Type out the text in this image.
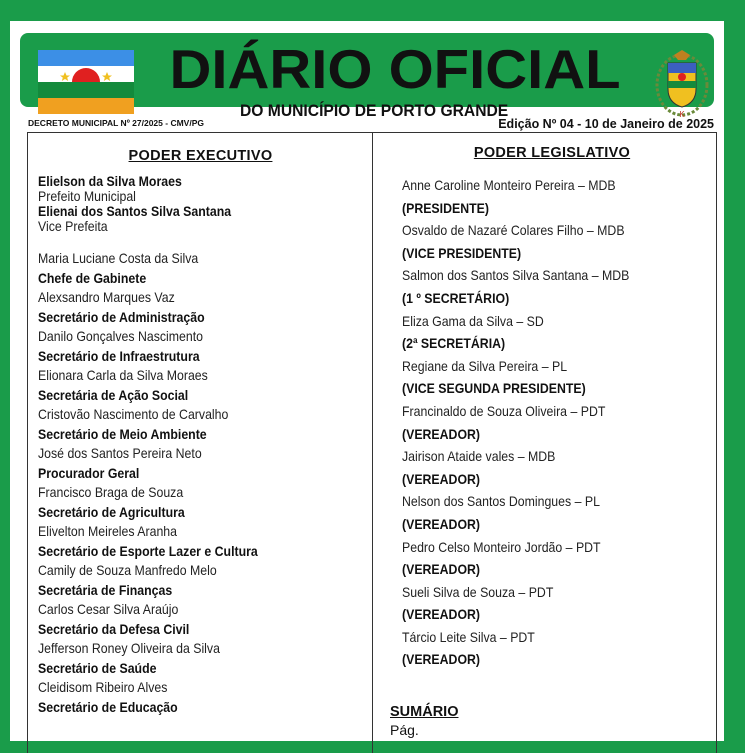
DIÁRIO OFICIAL
DO MUNICÍPIO DE PORTO GRANDE	K
DECRETO MUNICIPAL Nº 27/2025 - CMV/PG	Edição Nº 04 - 10 de Janeiro de 2025
PODER EXECUTIVO
Elielson da Silva Moraes
Prefeito Municipal
Elienai dos Santos Silva Santana
Vice Prefeita
Maria Luciane Costa da Silva
Chefe de Gabinete
Alexsandro Marques Vaz
Secretário de Administração
Danilo Gonçalves Nascimento
Secretário de Infraestrutura
Elionara Carla da Silva Moraes
Secretária de Ação Social
Cristovão Nascimento de Carvalho
Secretário de Meio Ambiente
José dos Santos Pereira Neto
Procurador Geral
Francisco Braga de Souza
Secretário de Agricultura
Elivelton Meireles Aranha
Secretário de Esporte Lazer e Cultura
Camily de Souza Manfredo Melo
Secretária de Finanças
Carlos Cesar Silva Araújo
Secretário da Defesa Civil
Jefferson Roney Oliveira da Silva
Secretário de Saúde
Cleidisom Ribeiro Alves
Secretário de Educação
PODER LEGISLATIVO
Anne Caroline Monteiro Pereira – MDB
(PRESIDENTE)
Osvaldo de Nazaré Colares Filho – MDB
(VICE PRESIDENTE)
Salmon dos Santos Silva Santana – MDB
(1 º SECRETÁRIO)
Eliza Gama da Silva – SD
(2ª SECRETÁRIA)
Regiane da Silva Pereira – PL
(VICE SEGUNDA PRESIDENTE)
Francinaldo de Souza Oliveira – PDT
(VEREADOR)
Jairison Ataide vales – MDB
(VEREADOR)
Nelson dos Santos Domingues – PL
(VEREADOR)
Pedro Celso Monteiro Jordão – PDT
(VEREADOR)
Sueli Silva de Souza – PDT
(VEREADOR)
Tárcio Leite Silva – PDT
(VEREADOR)
SUMÁRIO
Pág.
